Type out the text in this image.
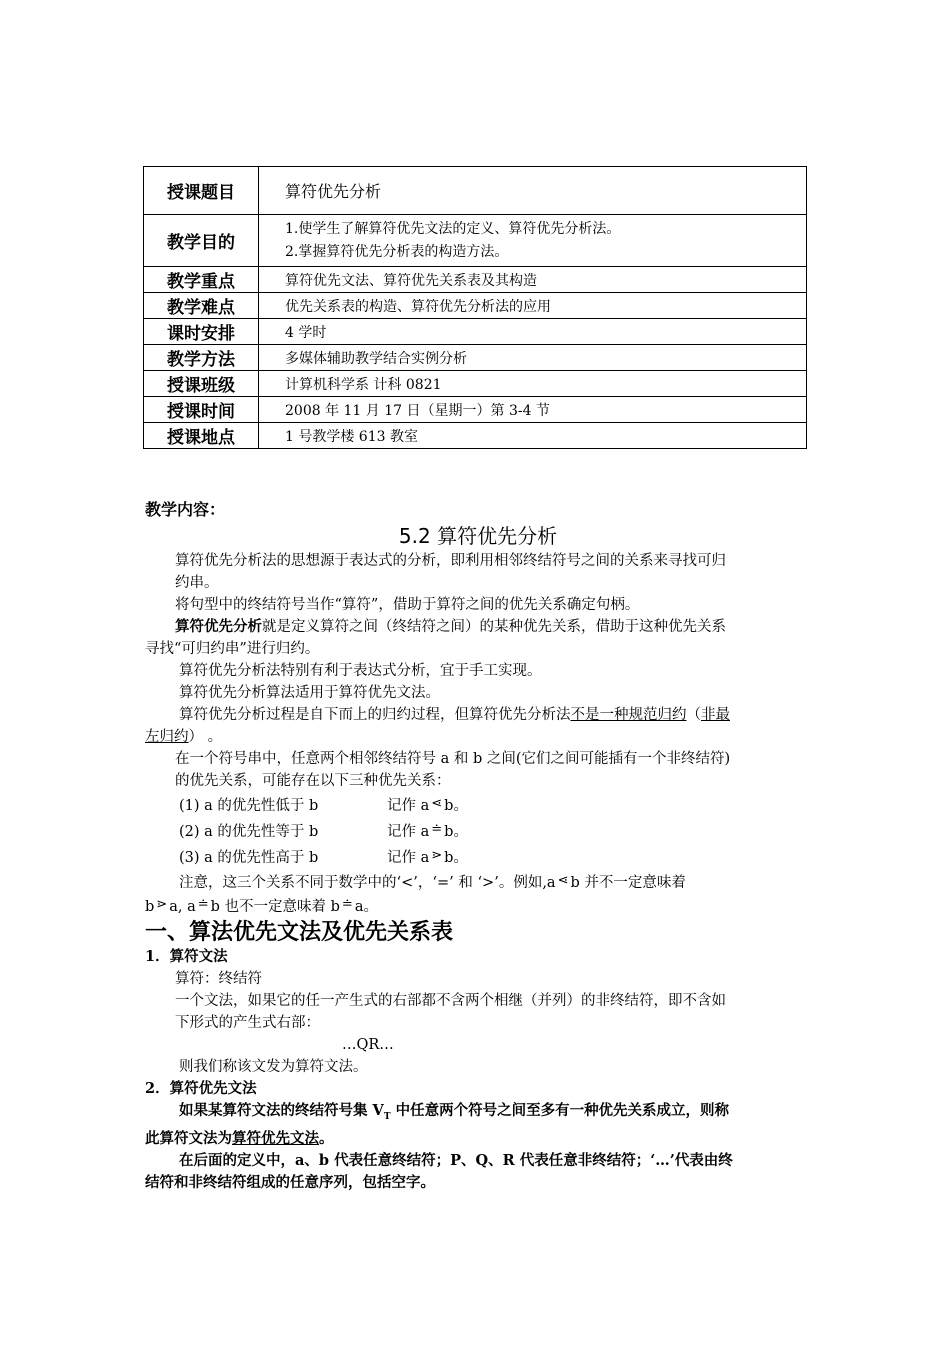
授课题目	算符优先分析
教学目的	1.使学生了解算符优先文法的定义、算符优先分析法。
2.掌握算符优先分析表的构造方法。

教学重点	算符优先文法、算符优先关系表及其构造
教学难点	优先关系表的构造、算符优先分析法的应用
课时安排	4 学时
教学方法	多媒体辅助教学结合实例分析
授课班级	计算机科学系 计科 0821
授课时间	2008 年 11 月 17 日（星期一）第 3-4 节
授课地点	1 号教学楼 613 教室
教学内容：
5.2 算符优先分析
算符优先分析法的思想源于表达式的分析，即利用相邻终结符号之间的关系来寻找可归
约串。
将句型中的终结符号当作“算符”，借助于算符之间的优先关系确定句柄。
算符优先分析就是定义算符之间（终结符之间）的某种优先关系，借助于这种优先关系
寻找“可归约串”进行归约。
算符优先分析法特别有利于表达式分析，宜于手工实现。
算符优先分析算法适用于算符优先文法。
算符优先分析过程是自下而上的归约过程，但算符优先分析法不是一种规范归约（非最
左归约） 。
在一个符号串中，任意两个相邻终结符号 a 和 b 之间(它们之间可能插有一个非终结符)
的优先关系，可能存在以下三种优先关系：
(1) a 的优先性低于 b	记作 a ⋖ b。
(2) a 的优先性等于 b	记作 a ≐ b。
(3) a 的优先性高于 b	记作 a ⋗ b。
注意，这三个关系不同于数学中的‘<’，‘=’ 和 ‘>’。例如,a ⋖ b 并不一定意味着
b ⋗ a, a ≐ b 也不一定意味着 b ≐ a。
一、算法优先文法及优先关系表
1．算符文法
算符：终结符
一个文法，如果它的任一产生式的右部都不含两个相继（并列）的非终结符，即不含如
下形式的产生式右部：
…QR…
则我们称该文发为算符文法。
2．算符优先文法
如果某算符文法的终结符号集 $V_T$ 中任意两个符号之间至多有一种优先关系成立，则称
此算符文法为算符优先文法。
在后面的定义中，a、b 代表任意终结符；P、Q、R 代表任意非终结符；‘…’代表由终
结符和非终结符组成的任意序列，包括空字。
